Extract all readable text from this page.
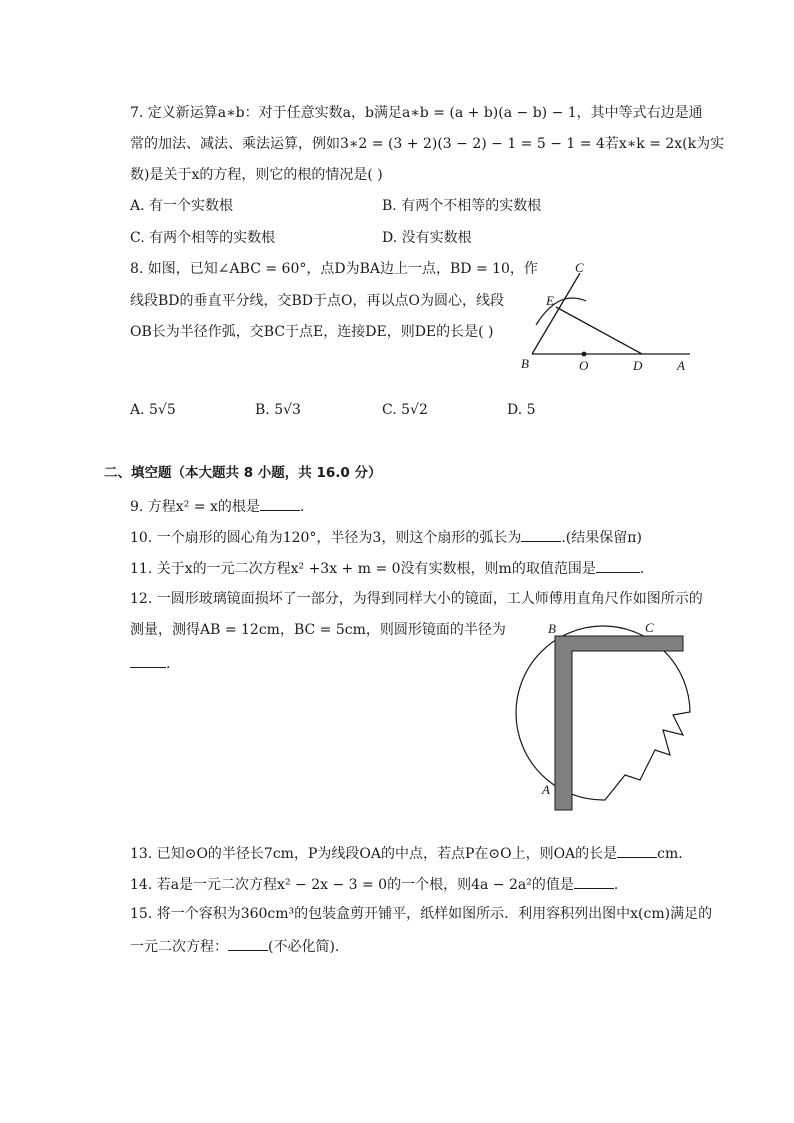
7. 定义新运算a∗b：对于任意实数a，b满足a∗b = (a + b)(a − b) − 1，其中等式右边是通
常的加法、减法、乘法运算，例如3∗2 = (3 + 2)(3 − 2) − 1 = 5 − 1 = 4若x∗k = 2x(k为实
数)是关于x的方程，则它的根的情况是( )
A. 有一个实数根	B. 有两个不相等的实数根
C. 有两个相等的实数根	D. 没有实数根
8. 如图，已知∠ABC = 60°，点D为BA边上一点，BD = 10，作
线段BD的垂直平分线，交BD于点O，再以点O为圆心，线段
OB长为半径作弧，交BC于点E，连接DE，则DE的长是( )
B	O	D	A
C
E
A. 5√5	B. 5√3	C. 5√2	D. 5
二、填空题（本大题共 8 小题，共 16.0 分）
9. 方程x² = x的根是	.
10. 一个扇形的圆心角为120°，半径为3，则这个扇形的弧长为	.(结果保留π)
11. 关于x的一元二次方程x² +3x + m = 0没有实数根，则m的取值范围是	.
12. 一圆形玻璃镜面损坏了一部分，为得到同样大小的镜面，工人师傅用直角尺作如图所示的
测量，测得AB = 12cm，BC = 5cm，则圆形镜面的半径为
.
B	C
A
13. 已知⊙O的半径长7cm，P为线段OA的中点，若点P在⊙O上，则OA的长是	cm.
14. 若a是一元二次方程x² − 2x − 3 = 0的一个根，则4a − 2a²的值是	.
15. 将一个容积为360cm³的包装盒剪开铺平，纸样如图所示．利用容积列出图中x(cm)满足的
一元二次方程：	(不必化简).
